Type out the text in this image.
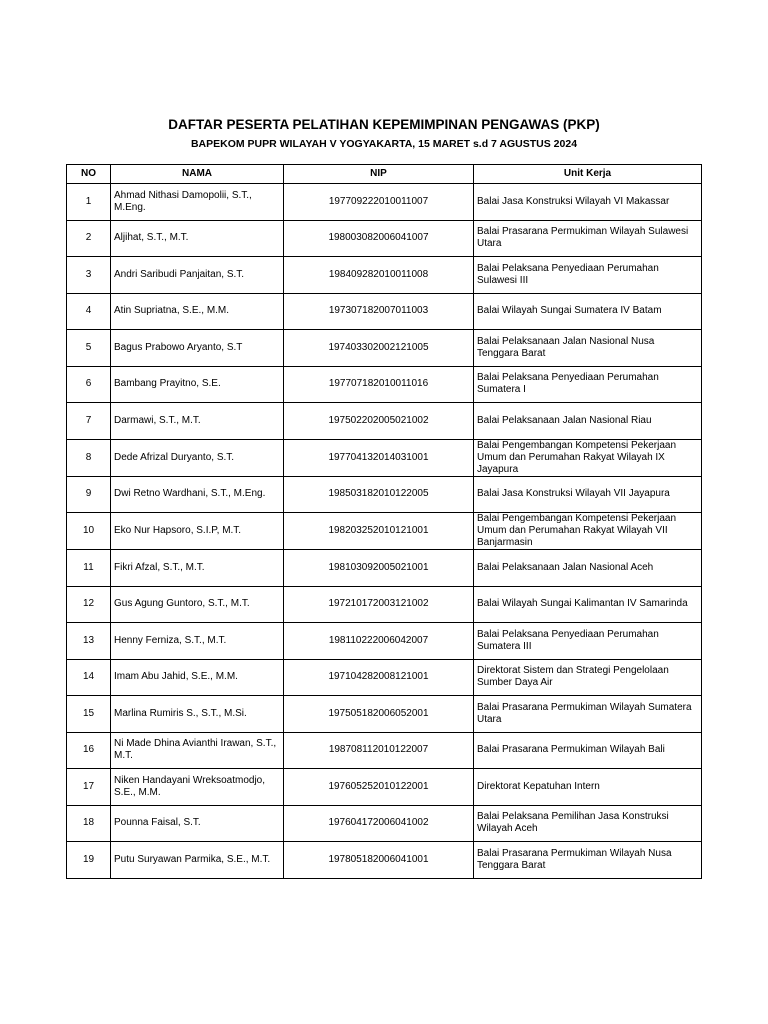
DAFTAR PESERTA PELATIHAN KEPEMIMPINAN PENGAWAS (PKP)
BAPEKOM PUPR WILAYAH V YOGYAKARTA, 15 MARET s.d 7 AGUSTUS 2024
NO	NAMA	NIP	Unit Kerja
1	Ahmad Nithasi Damopolii, S.T., M.Eng.	197709222010011007	Balai Jasa Konstruksi Wilayah VI Makassar
2	Aljihat, S.T., M.T.	198003082006041007	Balai Prasarana Permukiman Wilayah Sulawesi Utara
3	Andri Saribudi Panjaitan, S.T.	198409282010011008	Balai Pelaksana Penyediaan Perumahan Sulawesi III
4	Atin Supriatna, S.E., M.M.	197307182007011003	Balai Wilayah Sungai Sumatera IV Batam
5	Bagus Prabowo Aryanto, S.T	197403302002121005	Balai Pelaksanaan Jalan Nasional Nusa Tenggara Barat
6	Bambang Prayitno, S.E.	197707182010011016	Balai Pelaksana Penyediaan Perumahan Sumatera I
7	Darmawi, S.T., M.T.	197502202005021002	Balai Pelaksanaan Jalan Nasional Riau
8	Dede Afrizal Duryanto, S.T.	197704132014031001	Balai Pengembangan Kompetensi Pekerjaan Umum dan Perumahan Rakyat Wilayah IX Jayapura
9	Dwi Retno Wardhani, S.T., M.Eng.	198503182010122005	Balai Jasa Konstruksi Wilayah VII Jayapura
10	Eko Nur Hapsoro, S.I.P, M.T.	198203252010121001	Balai Pengembangan Kompetensi Pekerjaan Umum dan Perumahan Rakyat Wilayah VII Banjarmasin
11	Fikri Afzal, S.T., M.T.	198103092005021001	Balai Pelaksanaan Jalan Nasional Aceh
12	Gus Agung Guntoro, S.T., M.T.	197210172003121002	Balai Wilayah Sungai Kalimantan IV Samarinda
13	Henny Ferniza, S.T., M.T.	198110222006042007	Balai Pelaksana Penyediaan Perumahan Sumatera III
14	Imam Abu Jahid, S.E., M.M.	197104282008121001	Direktorat Sistem dan Strategi Pengelolaan Sumber Daya Air
15	Marlina Rumiris S., S.T., M.Si.	197505182006052001	Balai Prasarana Permukiman Wilayah Sumatera Utara
16	Ni Made Dhina Avianthi Irawan, S.T., M.T.	198708112010122007	Balai Prasarana Permukiman Wilayah Bali
17	Niken Handayani Wreksoatmodjo, S.E., M.M.	197605252010122001	Direktorat Kepatuhan Intern
18	Pounna Faisal, S.T.	197604172006041002	Balai Pelaksana Pemilihan Jasa Konstruksi Wilayah Aceh
19	Putu Suryawan Parmika, S.E., M.T.	197805182006041001	Balai Prasarana Permukiman Wilayah Nusa Tenggara Barat
